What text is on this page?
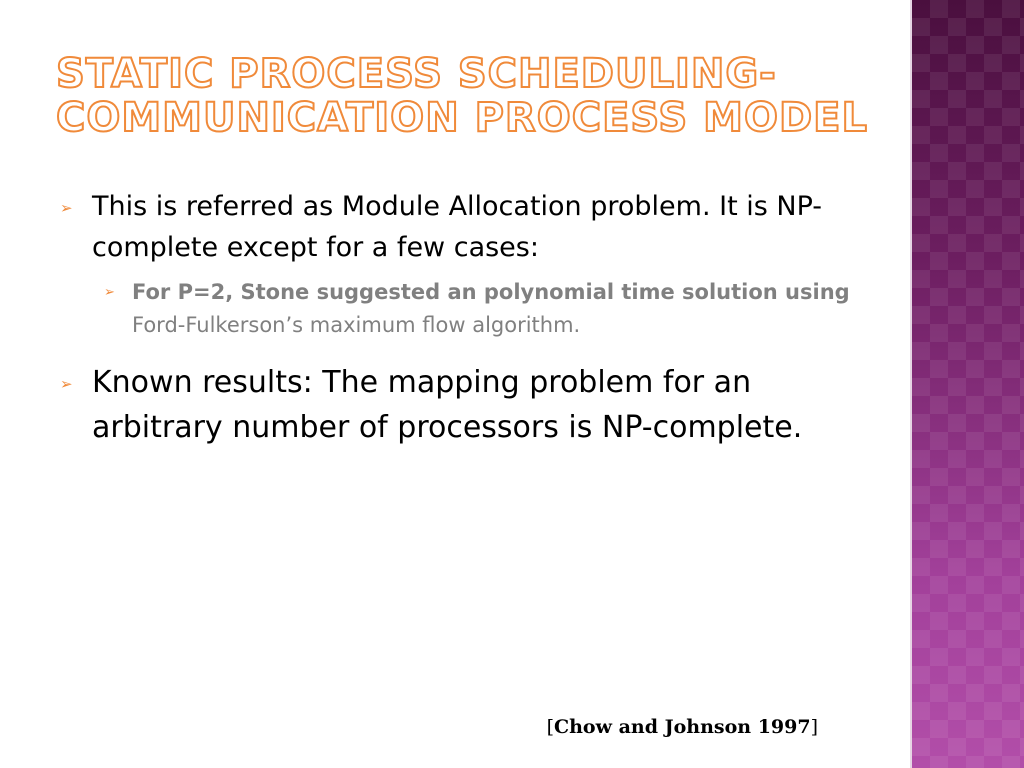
STATIC PROCESS SCHEDULING-
COMMUNICATION PROCESS MODEL
➢ This is referred as Module Allocation problem. It is NP-complete except for a few cases:
➢ For P=2, Stone suggested an polynomial time solution using Ford-Fulkerson’s maximum flow algorithm.
➢ Known results: The mapping problem for an arbitrary number of processors is NP-complete.
[Chow and Johnson 1997]
